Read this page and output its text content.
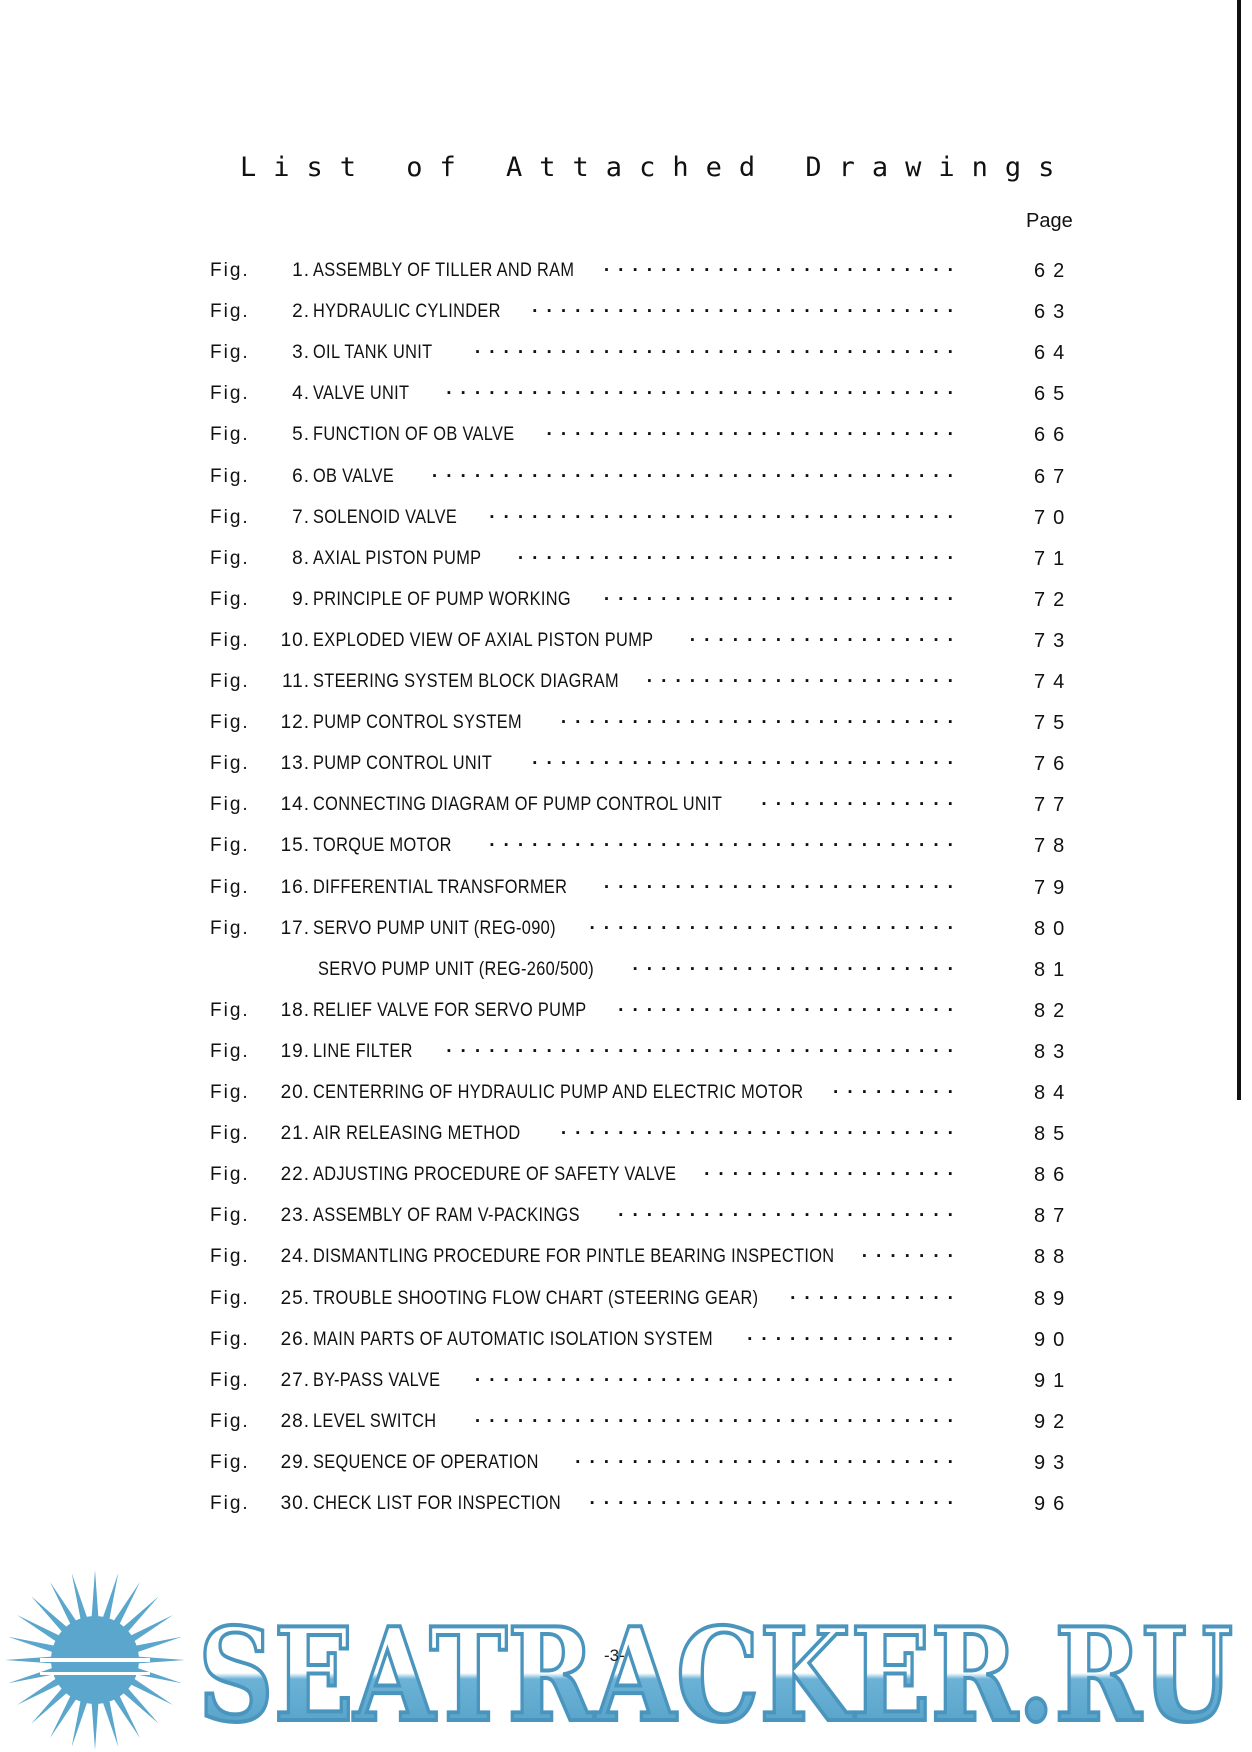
List of Attached Drawings
Page
Fig.	1. ASSEMBLY OF TILLER AND RAM ·························	62
Fig.	2. HYDRAULIC CYLINDER ······························	63
Fig.	3. OIL TANK UNIT ··································	64
Fig.	4. VALVE UNIT ····································	65
Fig.	5. FUNCTION OF OB VALVE ·····························	66
Fig.	6. OB VALVE ·····································	67
Fig.	7. SOLENOID VALVE ·································	70
Fig.	8. AXIAL PISTON PUMP ·······························	71
Fig.	9. PRINCIPLE OF PUMP WORKING ·························	72
Fig.	10. EXPLODED VIEW OF AXIAL PISTON PUMP ···················	73
Fig.	11. STEERING SYSTEM BLOCK DIAGRAM ······················	74
Fig.	12. PUMP CONTROL SYSTEM ····························	75
Fig.	13. PUMP CONTROL UNIT ······························	76
Fig.	14. CONNECTING DIAGRAM OF PUMP CONTROL UNIT ··············	77
Fig.	15. TORQUE MOTOR ·································	78
Fig.	16. DIFFERENTIAL TRANSFORMER ·························	79
Fig.	17. SERVO PUMP UNIT (REG-090) ··························	80
SERVO PUMP UNIT (REG-260/500) ·······················	81
Fig.	18. RELIEF VALVE FOR SERVO PUMP ························	82
Fig.	19. LINE FILTER ····································	83
Fig.	20. CENTERRING OF HYDRAULIC PUMP AND ELECTRIC MOTOR ·········	84
Fig.	21. AIR RELEASING METHOD ····························	85
Fig.	22. ADJUSTING PROCEDURE OF SAFETY VALVE ··················	86
Fig.	23. ASSEMBLY OF RAM V-PACKINGS ························	87
Fig.	24. DISMANTLING PROCEDURE FOR PINTLE BEARING INSPECTION ·······	88
Fig.	25. TROUBLE SHOOTING FLOW CHART (STEERING GEAR) ············	89
Fig.	26. MAIN PARTS OF AUTOMATIC ISOLATION SYSTEM ···············	90
Fig.	27. BY-PASS VALVE ··································	91
Fig.	28. LEVEL SWITCH ··································	92
Fig.	29. SEQUENCE OF OPERATION ···························	93
Fig.	30. CHECK LIST FOR INSPECTION ··························	96
SEATRACKER.RU
-3-
